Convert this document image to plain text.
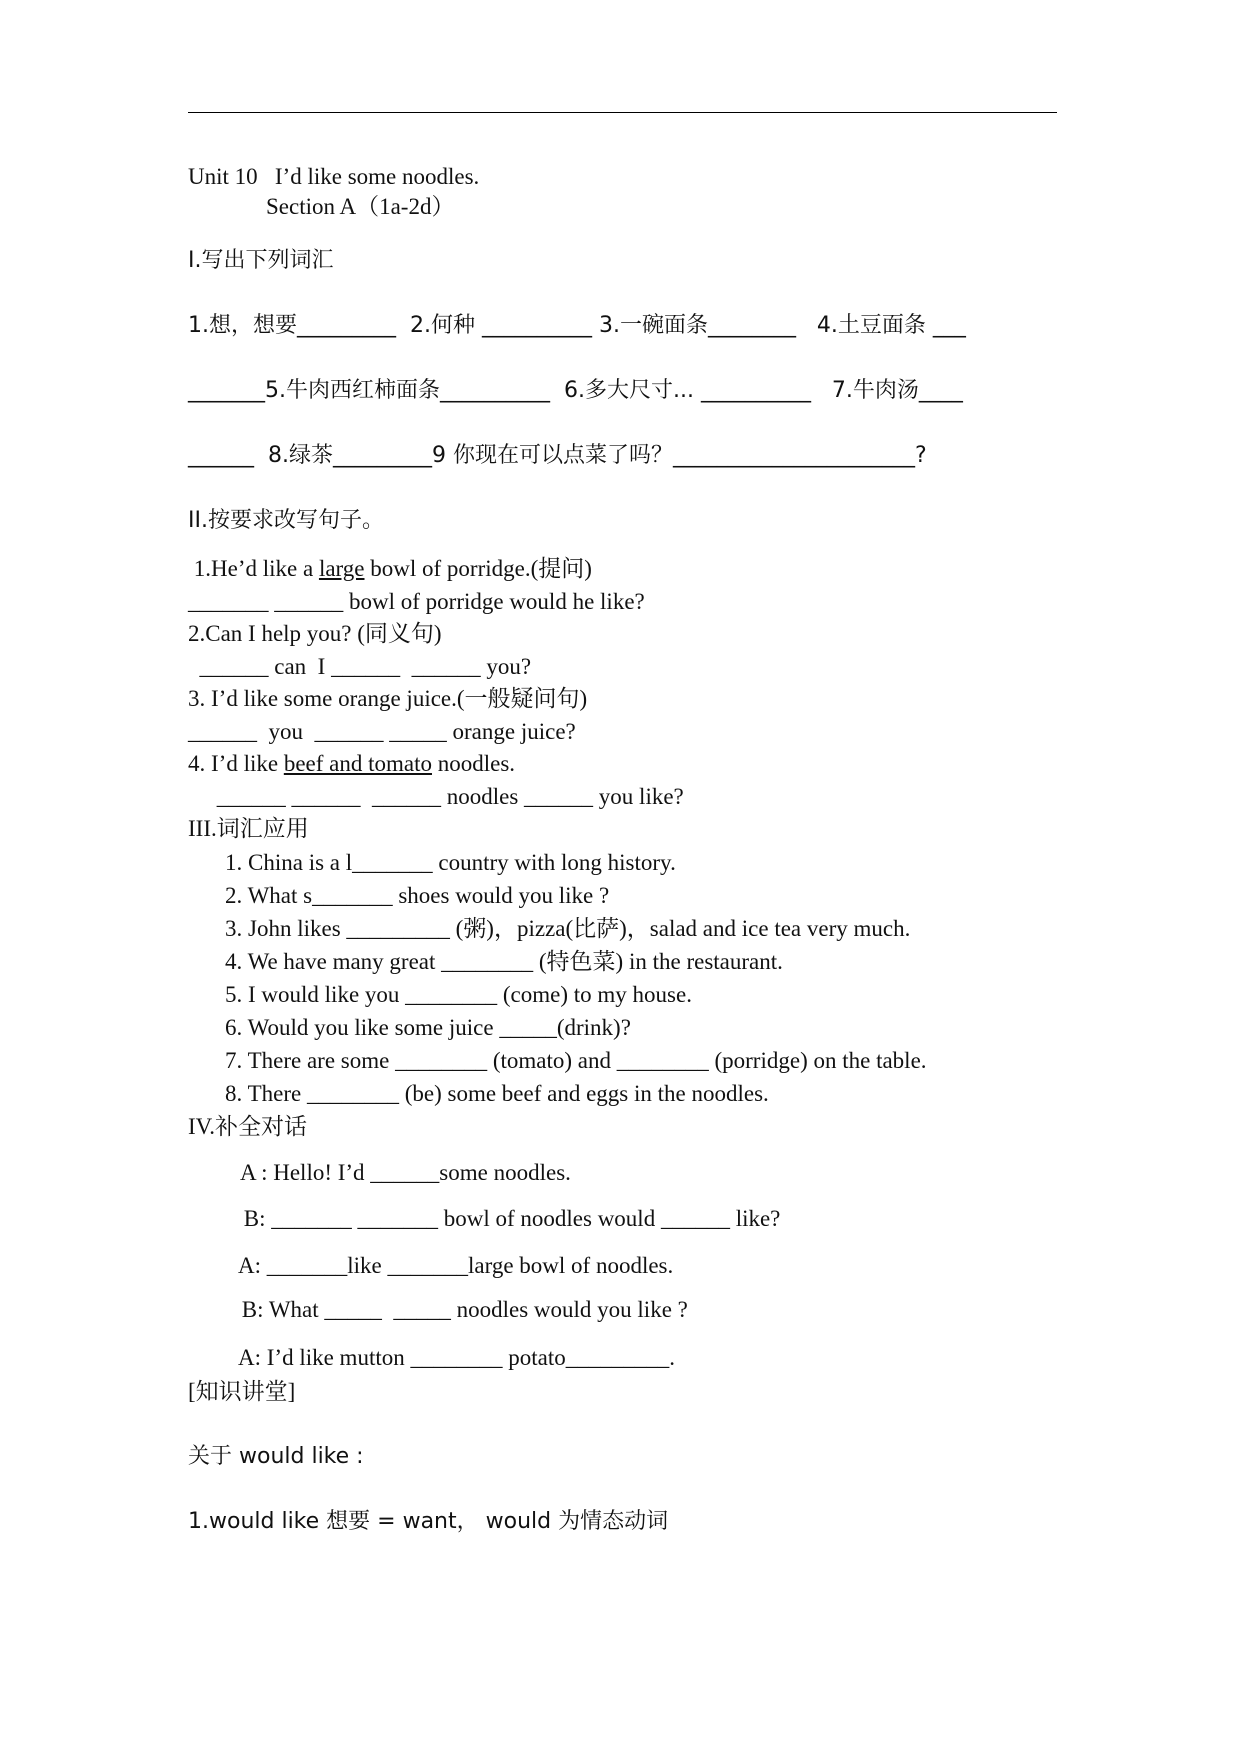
Unit 10   I’d like some noodles.
Section A（1a-2d）
I.写出下列词汇
1.想，想要_________  2.何种 __________ 3.一碗面条________   4.土豆面条 ___
_______5.牛肉西红柿面条__________  6.多大尺寸... __________   7.牛肉汤____
______  8.绿茶_________9 你现在可以点菜了吗？______________________?
II.按要求改写句子。
1.He’d like a large bowl of porridge.(提问)
_______ ______ bowl of porridge would he like?
2.Can I help you? (同义句)
______ can  I ______  ______ you?
3. I’d like some orange juice.(一般疑问句)
______  you  ______ _____ orange juice?
4. I’d like beef and tomato noodles.
______ ______  ______ noodles ______ you like?
III.词汇应用
1. China is a l_______ country with long history.
2. What s_______ shoes would you like ?
3. John likes _________ (粥)，pizza(比萨)，salad and ice tea very much.
4. We have many great ________ (特色菜) in the restaurant.
5. I would like you ________ (come) to my house.
6. Would you like some juice _____(drink)?
7. There are some ________ (tomato) and ________ (porridge) on the table.
8. There ________ (be) some beef and eggs in the noodles.
IV.补全对话
A : Hello! I’d ______some noodles.
B: _______ _______ bowl of noodles would ______ like?
A: _______like _______large bowl of noodles.
B: What _____  _____ noodles would you like ?
A: I’d like mutton ________ potato_________.
[知识讲堂]
关于 would like :
1.would like 想要 = want， would 为情态动词
